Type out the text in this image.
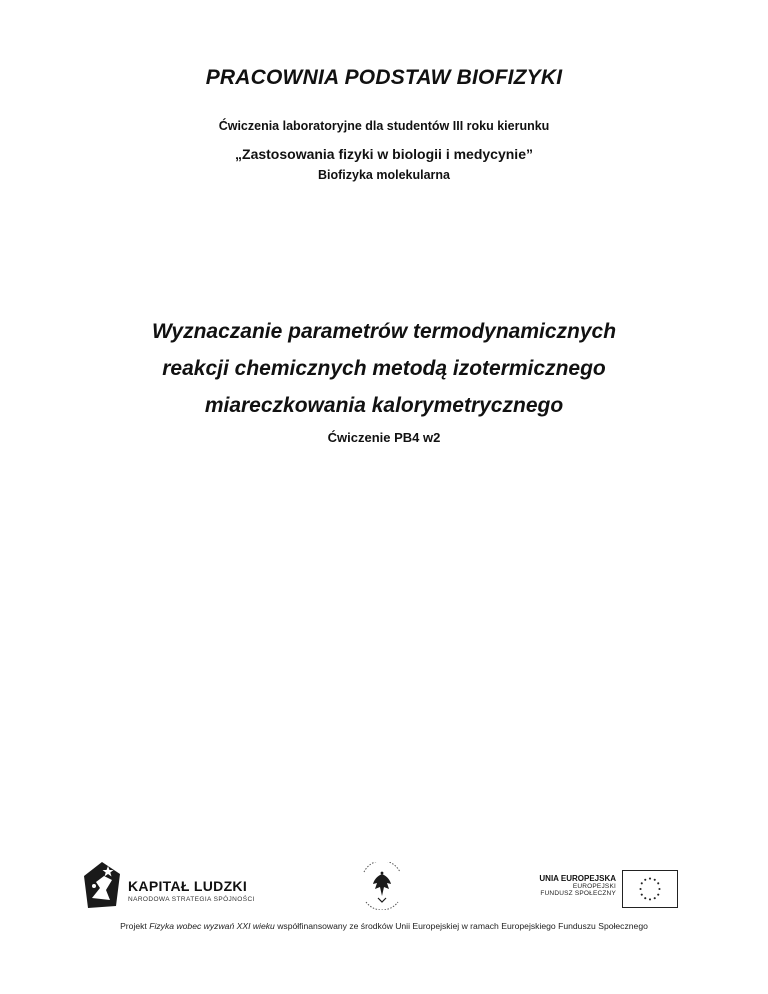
PRACOWNIA PODSTAW BIOFIZYKI
Ćwiczenia laboratoryjne dla studentów III roku kierunku
„Zastosowania fizyki w biologii i medycynie”
Biofizyka molekularna
Wyznaczanie parametrów termodynamicznych
reakcji chemicznych metodą izotermicznego
miareczkowania kalorymetrycznego
Ćwiczenie PB4 w2
KAPITAŁ LUDZKI
NARODOWA STRATEGIA SPÓJNOŚCI
UNIA EUROPEJSKA
EUROPEJSKI
FUNDUSZ SPOŁECZNY
Projekt Fizyka wobec wyzwań XXI wieku współfinansowany ze środków Unii Europejskiej w ramach Europejskiego Funduszu Społecznego
